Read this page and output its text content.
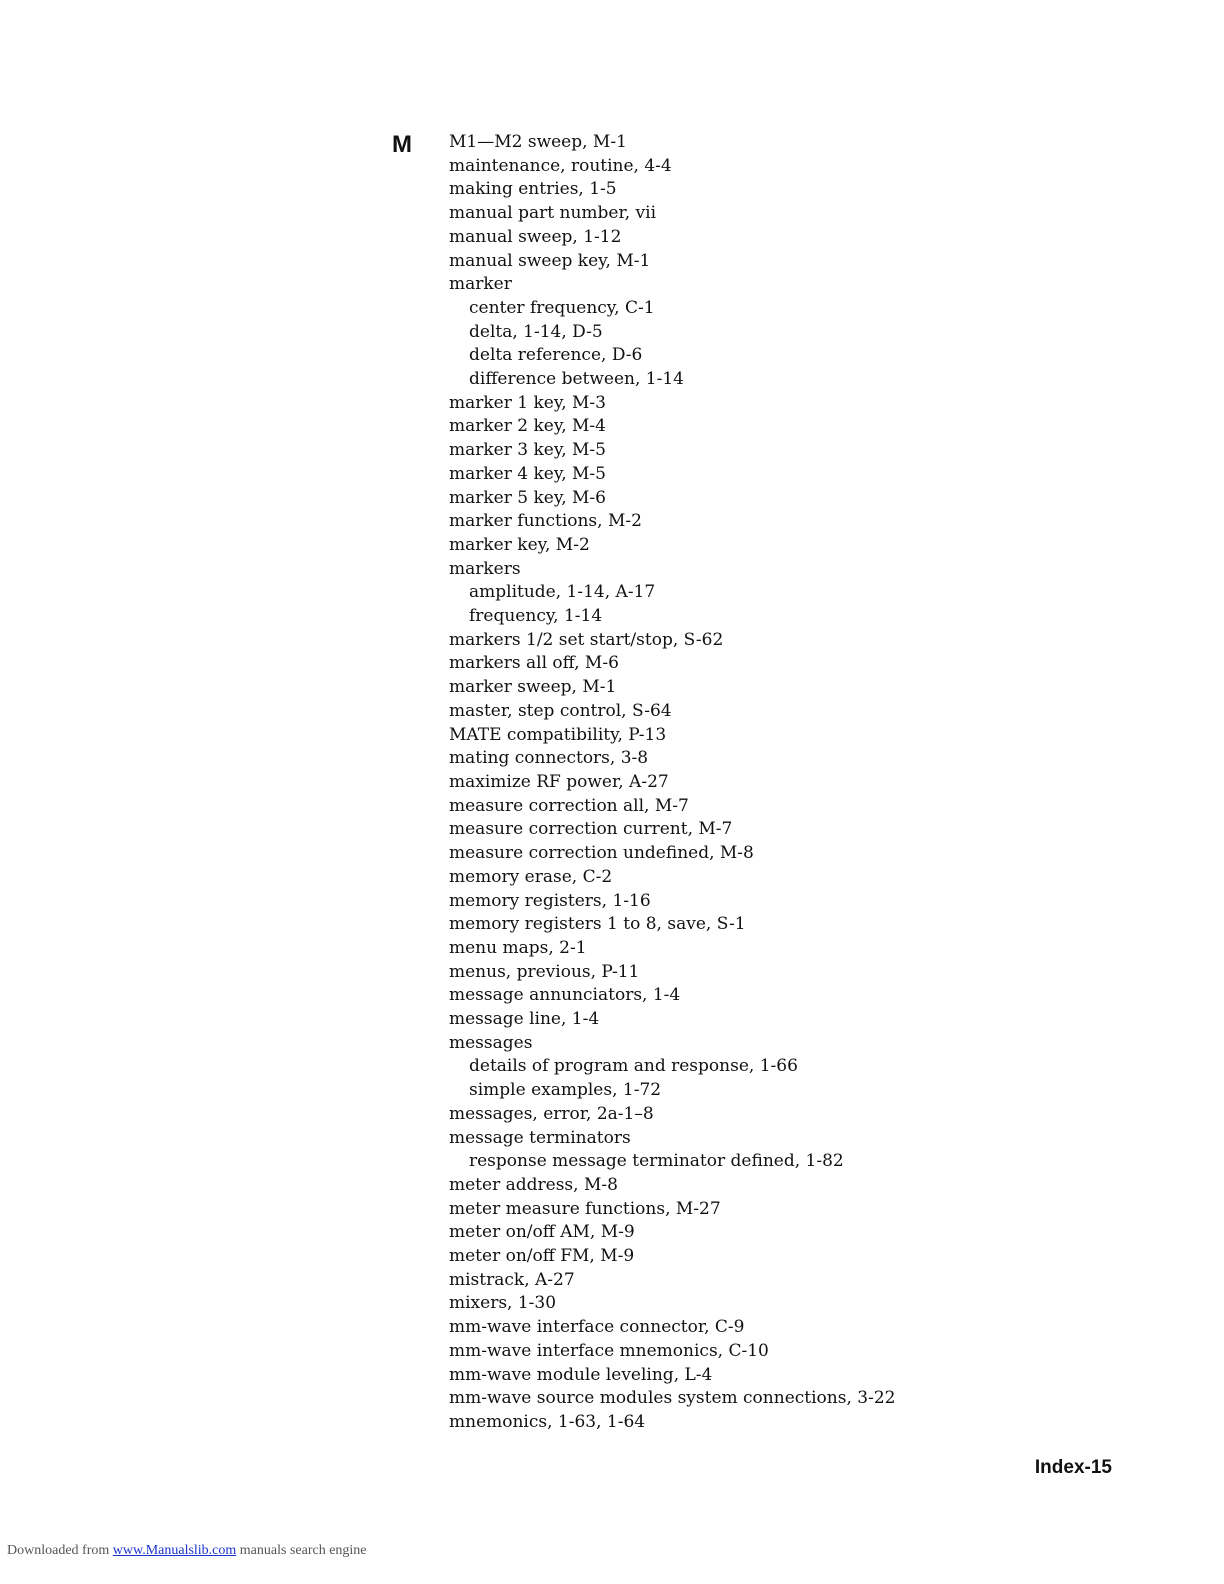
M M1—M2 sweep, M-1
maintenance, routine, 4-4
making entries, 1-5
manual part number, vii
manual sweep, 1-12
manual sweep key, M-1
marker
center frequency, C-1
delta, 1-14, D-5
delta reference, D-6
difference between, 1-14
marker 1 key, M-3
marker 2 key, M-4
marker 3 key, M-5
marker 4 key, M-5
marker 5 key, M-6
marker functions, M-2
marker key, M-2
markers
amplitude, 1-14, A-17
frequency, 1-14
markers 1/2 set start/stop, S-62
markers all off, M-6
marker sweep, M-1
master, step control, S-64
MATE compatibility, P-13
mating connectors, 3-8
maximize RF power, A-27
measure correction all, M-7
measure correction current, M-7
measure correction undefined, M-8
memory erase, C-2
memory registers, 1-16
memory registers 1 to 8, save, S-1
menu maps, 2-1
menus, previous, P-11
message annunciators, 1-4
message line, 1-4
messages
details of program and response, 1-66
simple examples, 1-72
messages, error, 2a-1–8
message terminators
response message terminator defined, 1-82
meter address, M-8
meter measure functions, M-27
meter on/off AM, M-9
meter on/off FM, M-9
mistrack, A-27
mixers, 1-30
mm-wave interface connector, C-9
mm-wave interface mnemonics, C-10
mm-wave module leveling, L-4
mm-wave source modules system connections, 3-22
mnemonics, 1-63, 1-64
Index-15
Downloaded from www.Manualslib.com manuals search engine
